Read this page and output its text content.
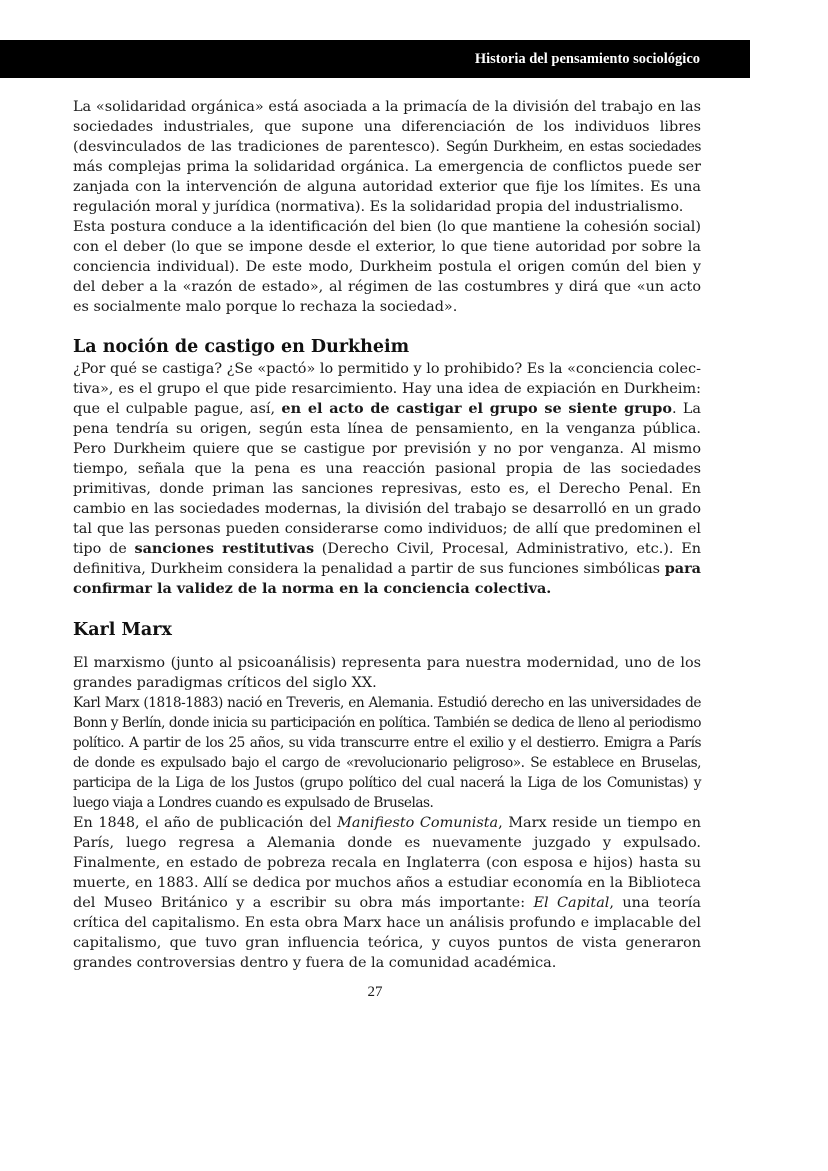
Historia del pensamiento sociológico

La «solidaridad orgánica» está asociada a la primacía de la división del trabajo en las sociedades industriales, que supone una diferenciación de los individuos libres (desvinculados de las tradiciones de parentesco). Según Durkheim, en estas sociedades más complejas prima la solidaridad orgánica. La emergencia de conflictos puede ser zanjada con la intervención de alguna autoridad exterior que fije los límites. Es una regulación moral y jurídica (normativa). Es la solidaridad propia del industrialismo.

Esta postura conduce a la identificación del bien (lo que mantiene la cohesión social) con el deber (lo que se impone desde el exterior, lo que tiene autoridad por sobre la conciencia individual). De este modo, Durkheim postula el origen común del bien y del deber a la «razón de estado», al régimen de las costumbres y dirá que «un acto es socialmente malo porque lo rechaza la sociedad».

La noción de castigo en Durkheim

¿Por qué se castiga? ¿Se «pactó» lo permitido y lo prohibido? Es la «conciencia colectiva», es el grupo el que pide resarcimiento. Hay una idea de expiación en Durkheim: que el culpable pague, así, en el acto de castigar el grupo se siente grupo. La pena tendría su origen, según esta línea de pensamiento, en la venganza pública. Pero Durkheim quiere que se castigue por previsión y no por venganza. Al mismo tiempo, señala que la pena es una reacción pasional propia de las sociedades primitivas, donde priman las sanciones represivas, esto es, el Derecho Penal. En cambio en las sociedades modernas, la división del trabajo se desarrolló en un grado tal que las personas pueden considerarse como individuos; de allí que predominen el tipo de sanciones restitutivas (Derecho Civil, Procesal, Administrativo, etc.). En definitiva, Durkheim considera la penalidad a partir de sus funciones simbólicas para confirmar la validez de la norma en la conciencia colectiva.

Karl Marx

El marxismo (junto al psicoanálisis) representa para nuestra modernidad, uno de los grandes paradigmas críticos del siglo XX.

Karl Marx (1818-1883) nació en Treveris, en Alemania. Estudió derecho en las universidades de Bonn y Berlín, donde inicia su participación en política. También se dedica de lleno al periodismo político. A partir de los 25 años, su vida transcurre entre el exilio y el destierro. Emigra a París de donde es expulsado bajo el cargo de «revolucionario peligroso». Se establece en Bruselas, participa de la Liga de los Justos (grupo político del cual nacerá la Liga de los Comunistas) y luego viaja a Londres cuando es expulsado de Bruselas.

En 1848, el año de publicación del Manifiesto Comunista, Marx reside un tiempo en París, luego regresa a Alemania donde es nuevamente juzgado y expulsado. Finalmente, en estado de pobreza recala en Inglaterra (con esposa e hijos) hasta su muerte, en 1883. Allí se dedica por muchos años a estudiar economía en la Biblioteca del Museo Británico y a escribir su obra más importante: El Capital, una teoría crítica del capitalismo. En esta obra Marx hace un análisis profundo e implacable del capitalismo, que tuvo gran influencia teórica, y cuyos puntos de vista generaron grandes controversias dentro y fuera de la comunidad académica.

27
